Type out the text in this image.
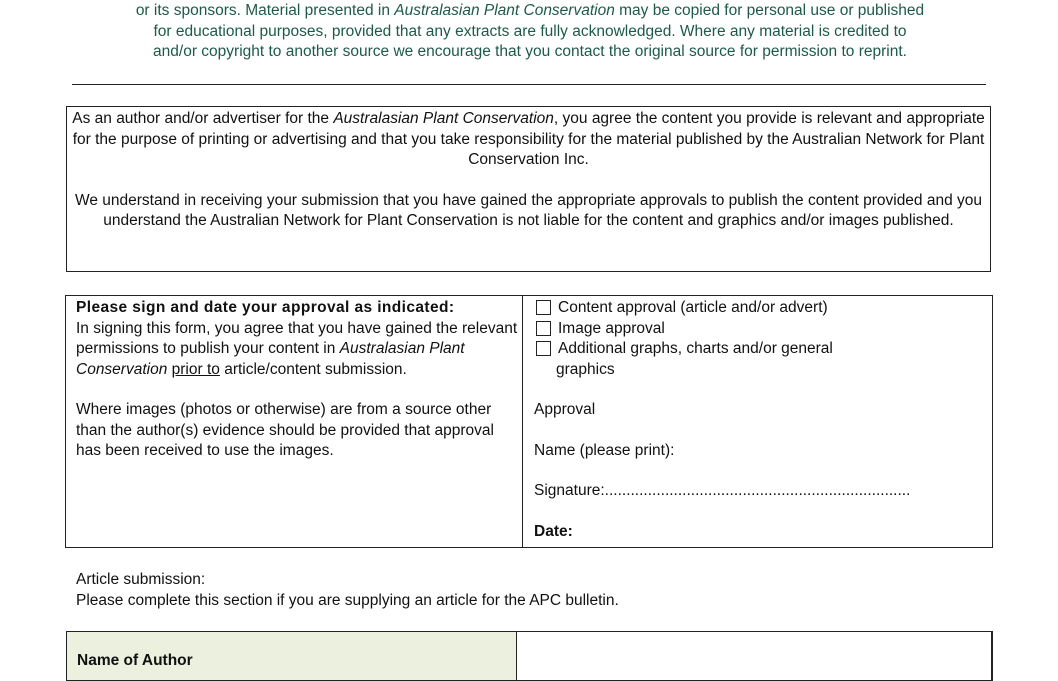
or its sponsors. Material presented in Australasian Plant Conservation may be copied for personal use or published
for educational purposes, provided that any extracts are fully acknowledged. Where any material is credited to
and/or copyright to another source we encourage that you contact the original source for permission to reprint.

As an author and/or advertiser for the Australasian Plant Conservation, you agree the content you provide is relevant and appropriate for the purpose of printing or advertising and that you take responsibility for the material published by the Australian Network for Plant Conservation Inc.

We understand in receiving your submission that you have gained the appropriate approvals to publish the content provided and you understand the Australian Network for Plant Conservation is not liable for the content and graphics and/or images published.

Please sign and date your approval as indicated:

In signing this form, you agree that you have gained the relevant permissions to publish your content in Australasian Plant Conservation prior to article/content submission.

Where images (photos or otherwise) are from a source other than the author(s) evidence should be provided that approval has been received to use the images.

Content approval (article and/or advert)
Image approval
Additional graphs, charts and/or general
graphics

Approval

Name (please print):

Signature:.......................................................................

Date:

Article submission:
Please complete this section if you are supplying an article for the APC bulletin.
Name of Author
